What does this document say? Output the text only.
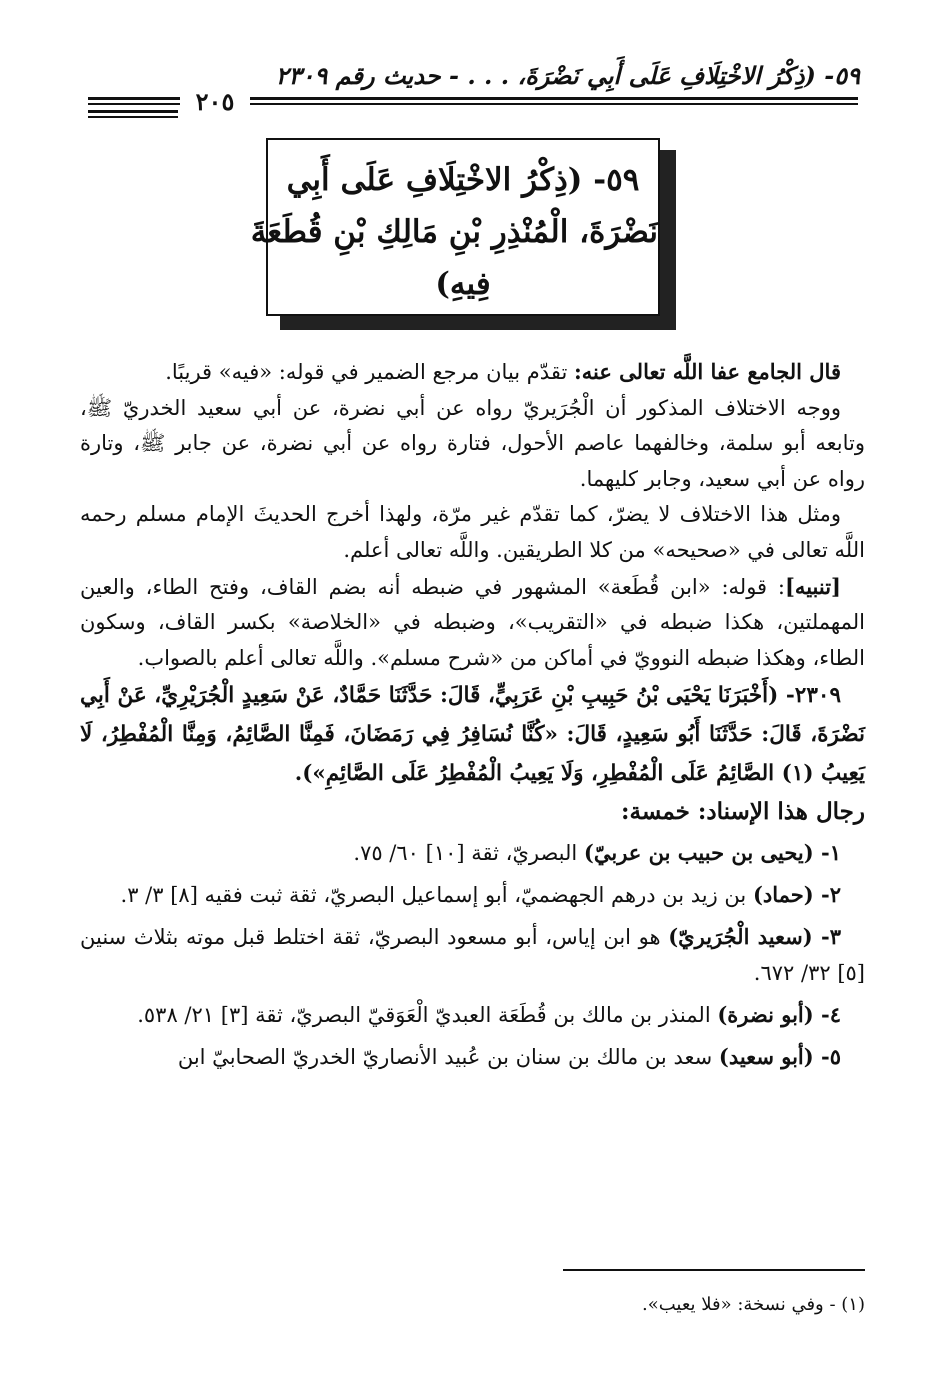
٥٩- (ذِكْرُ الاخْتِلَافِ عَلَى أَبِي نَضْرَةَ، . . . - حديث رقم ٢٣٠٩
٢٠٥
٥٩- (ذِكْرُ الاخْتِلَافِ عَلَى أَبِي
نَضْرَةَ، الْمُنْذِرِ بْنِ مَالِكِ بْنِ قُطَعَةَ
فِيهِ)

قال الجامع عفا اللَّه تعالى عنه: تقدّم بيان مرجع الضمير في قوله: «فيه» قريبًا.

ووجه الاختلاف المذكور أن الْجُرَيريّ رواه عن أبي نضرة، عن أبي سعيد الخدريّ ﷺ، وتابعه أبو سلمة، وخالفهما عاصم الأحول، فتارة رواه عن أبي نضرة، عن جابر ﷺ، وتارة رواه عن أبي سعيد، وجابر كليهما.

ومثل هذا الاختلاف لا يضرّ، كما تقدّم غير مرّة، ولهذا أخرج الحديثَ الإمام مسلم رحمه اللَّه تعالى في «صحيحه» من كلا الطريقين. واللَّه تعالى أعلم.

[تنبيه]: قوله: «ابن قُطَعة» المشهور في ضبطه أنه بضم القاف، وفتح الطاء، والعين المهملتين، هكذا ضبطه في «التقريب»، وضبطه في «الخلاصة» بكسر القاف، وسكون الطاء، وهكذا ضبطه النوويّ في أماكن من «شرح مسلم». واللَّه تعالى أعلم بالصواب.

٢٣٠٩- (أَخْبَرَنَا يَحْيَى بْنُ حَبِيبِ بْنِ عَرَبِيٍّ، قَالَ: حَدَّثَنَا حَمَّادٌ، عَنْ سَعِيدٍ الْجُرَيْرِيِّ، عَنْ أَبِي نَضْرَةَ، قَالَ: حَدَّثَنَا أَبُو سَعِيدٍ، قَالَ: «كُنَّا نُسَافِرُ فِي رَمَضَانَ، فَمِنَّا الصَّائِمُ، وَمِنَّا الْمُفْطِرُ، لَا يَعِيبُ (١) الصَّائِمُ عَلَى الْمُفْطِرِ، وَلَا يَعِيبُ الْمُفْطِرُ عَلَى الصَّائِمِ»).

رجال هذا الإسناد: خمسة:

١- (يحيى بن حبيب بن عربيّ) البصريّ، ثقة [١٠] ٦٠/ ٧٥.

٢- (حماد) بن زيد بن درهم الجهضميّ، أبو إسماعيل البصريّ، ثقة ثبت فقيه [٨] ٣/ ٣.

٣- (سعيد الْجُرَيريّ) هو ابن إياس، أبو مسعود البصريّ، ثقة اختلط قبل موته بثلاث سنين [٥] ٣٢/ ٦٧٢.

٤- (أبو نضرة) المنذر بن مالك بن قُطَعَة العبديّ الْعَوَقيّ البصريّ، ثقة [٣] ٢١/ ٥٣٨.

٥- (أبو سعيد) سعد بن مالك بن سنان بن عُبيد الأنصاريّ الخدريّ الصحابيّ ابن

(١) - وفي نسخة: «فلا يعيب».
